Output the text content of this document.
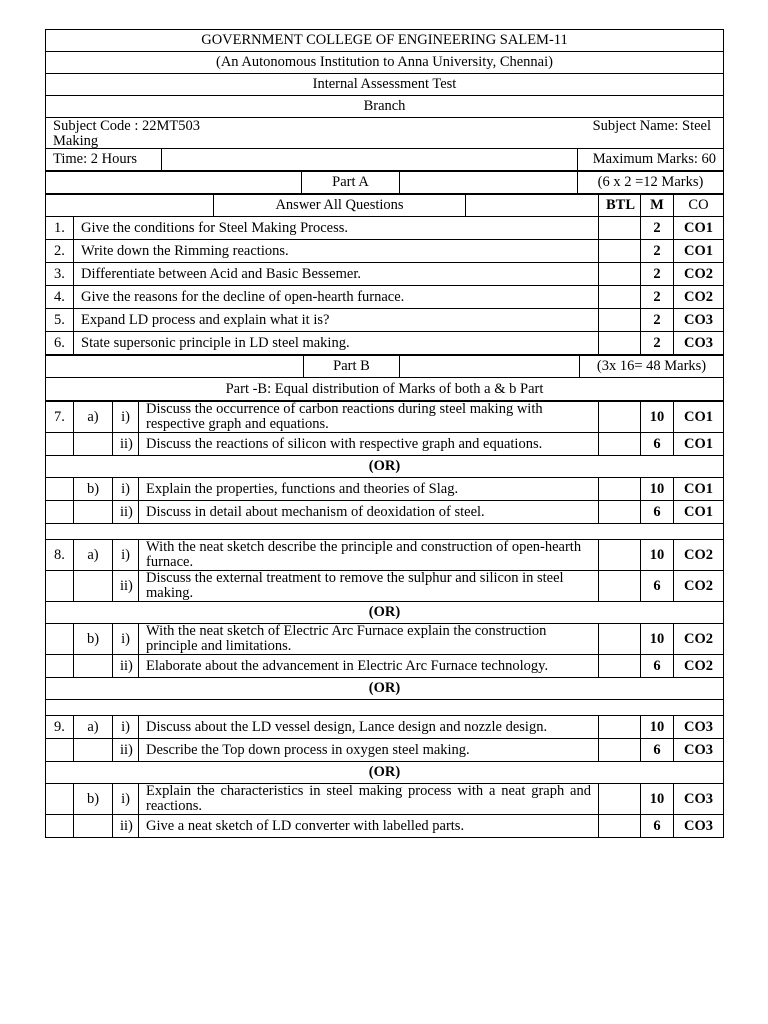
GOVERNMENT COLLEGE OF ENGINEERING SALEM-11
(An Autonomous Institution to Anna University, Chennai)
Internal Assessment Test
Branch

Subject Code : 22MT503	Subject Name: Steel
Making

Time: 2 Hours		Maximum Marks: 60
	Part A		(6 x 2 =12 Marks)
		Answer All Questions		BTL	M	CO
1.	Give the conditions for Steel Making Process.				2	CO1
2.	Write down the Rimming reactions.				2	CO1
3.	Differentiate between Acid and Basic Bessemer.				2	CO2
4.	Give the reasons for the decline of open-hearth furnace.				2	CO2
5.	Expand LD process and explain what it is?				2	CO3
6.	State supersonic principle in LD steel making.				2	CO3
	Part B		(3x 16= 48 Marks)
Part -B: Equal distribution of Marks of both a & b Part
7.	a)	i)	Discuss the occurrence of carbon reactions during steel making with respective graph and equations.		10	CO1
		ii)	Discuss the reactions of silicon with respective graph and equations.		6	CO1
(OR)						
	b)	i)	Explain the properties, functions and theories of Slag.		10	CO1
		ii)	Discuss in detail about mechanism of deoxidation of steel.		6	CO1

8.	a)	i)	With the neat sketch describe the principle and construction of open-hearth furnace.		10	CO2
		ii)	Discuss the external treatment to remove the sulphur and silicon in steel making.		6	CO2
(OR)						
	b)	i)	With the neat sketch of Electric Arc Furnace explain the construction principle and limitations.		10	CO2
		ii)	Elaborate about the advancement in Electric Arc Furnace technology.		6	CO2
(OR)						

9.	a)	i)	Discuss about the LD vessel design, Lance design and nozzle design.		10	CO3
		ii)	Describe the Top down process in oxygen steel making.		6	CO3
(OR)						
	b)	i)	Explain the characteristics in steel making process with a neat graph and
reactions.		10	CO3
		ii)	Give a neat sketch of LD converter with labelled parts.		6	CO3
